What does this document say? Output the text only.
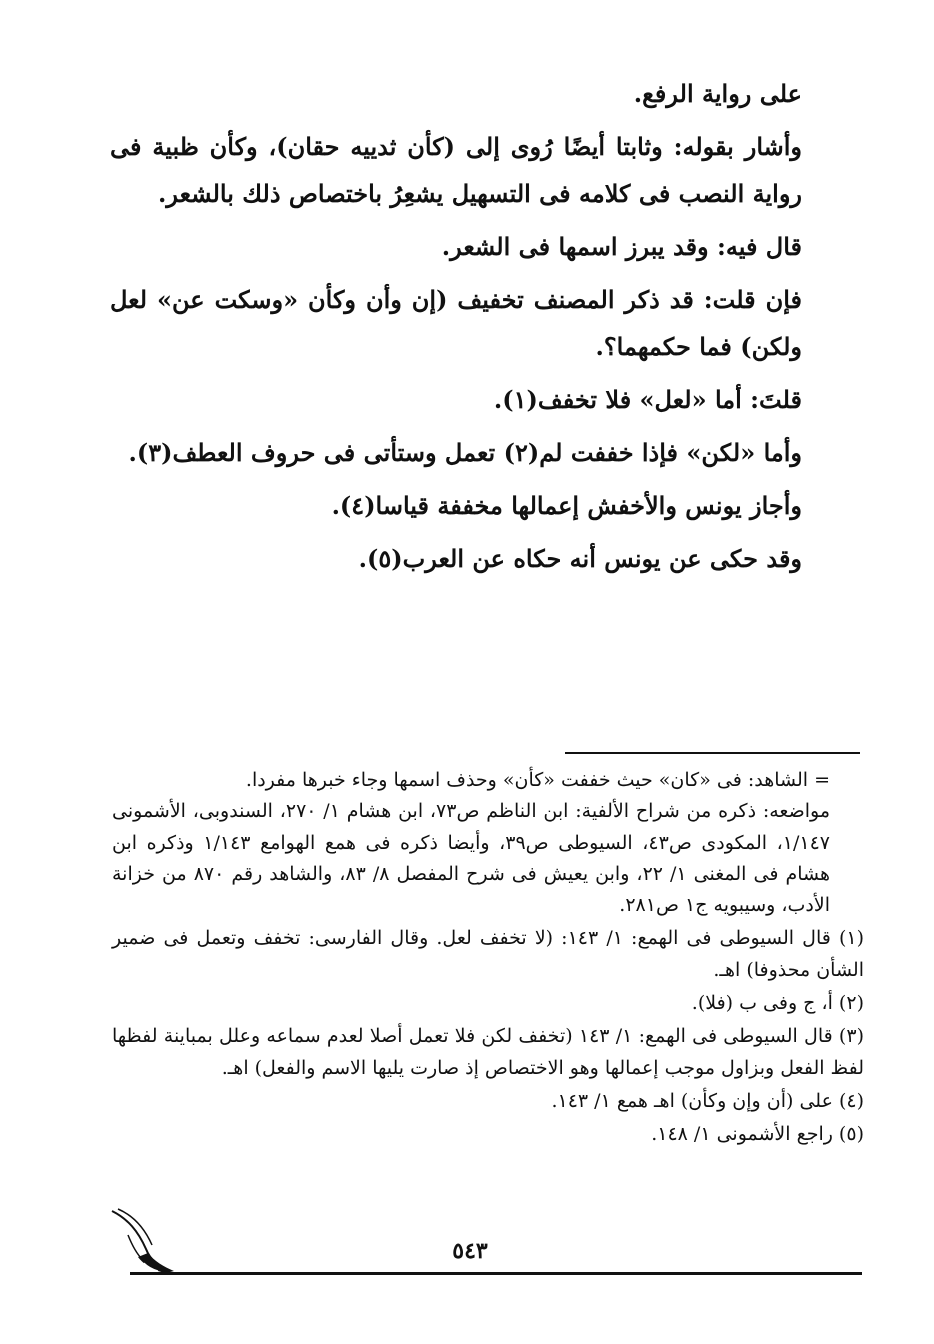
على رواية الرفع.

وأشار بقوله: وثابتا أيضًا رُوى إلى (كأن ثدييه حقان)، وكأن ظبية فى رواية النصب فى كلامه فى التسهيل يشعِرُ باختصاص ذلك بالشعر.

قال فيه: وقد يبرز اسمها فى الشعر.

فإن قلت: قد ذكر المصنف تخفيف (إن وأن وكأن «وسكت عن» لعل ولكن) فما حكمهما؟.

قلتَ: أما «لعل» فلا تخفف(١).

وأما «لكن» فإذا خففت لم(٢) تعمل وستأتى فى حروف العطف(٣).

وأجاز يونس والأخفش إعمالها مخففة قياسا(٤).

وقد حكى عن يونس أنه حكاه عن العرب(٥).

= الشاهد: فى «كان» حيث خففت «كأن» وحذف اسمها وجاء خبرها مفردا.

مواضعه: ذكره من شراح الألفية: ابن الناظم ص٧٣، ابن هشام ١/ ٢٧٠، السندوبى، الأشمونى ١/١٤٧، المكودى ص٤٣، السيوطى ص٣٩، وأيضا ذكره فى همع الهوامع ١/١٤٣ وذكره ابن هشام فى المغنى ١/ ٢٢، وابن يعيش فى شرح المفصل ٨/ ٨٣، والشاهد رقم ٨٧٠ من خزانة الأدب، وسيبويه ج١ ص٢٨١.

(١) قال السيوطى فى الهمع: ١/ ١٤٣: (لا تخفف لعل. وقال الفارسى: تخفف وتعمل فى ضمير الشأن محذوفا) اهـ.

(٢) أ، ج وفى ب (فلا).

(٣) قال السيوطى فى الهمع: ١/ ١٤٣ (تخفف لكن فلا تعمل أصلا لعدم سماعه وعلل بمباينة لفظها لفظ الفعل وبزاول موجب إعمالها وهو الاختصاص إذ صارت يليها الاسم والفعل) اهـ.

(٤) على (أن وإن وكأن) اهـ همع ١/ ١٤٣.

(٥) راجع الأشمونى ١/ ١٤٨.

٥٤٣
